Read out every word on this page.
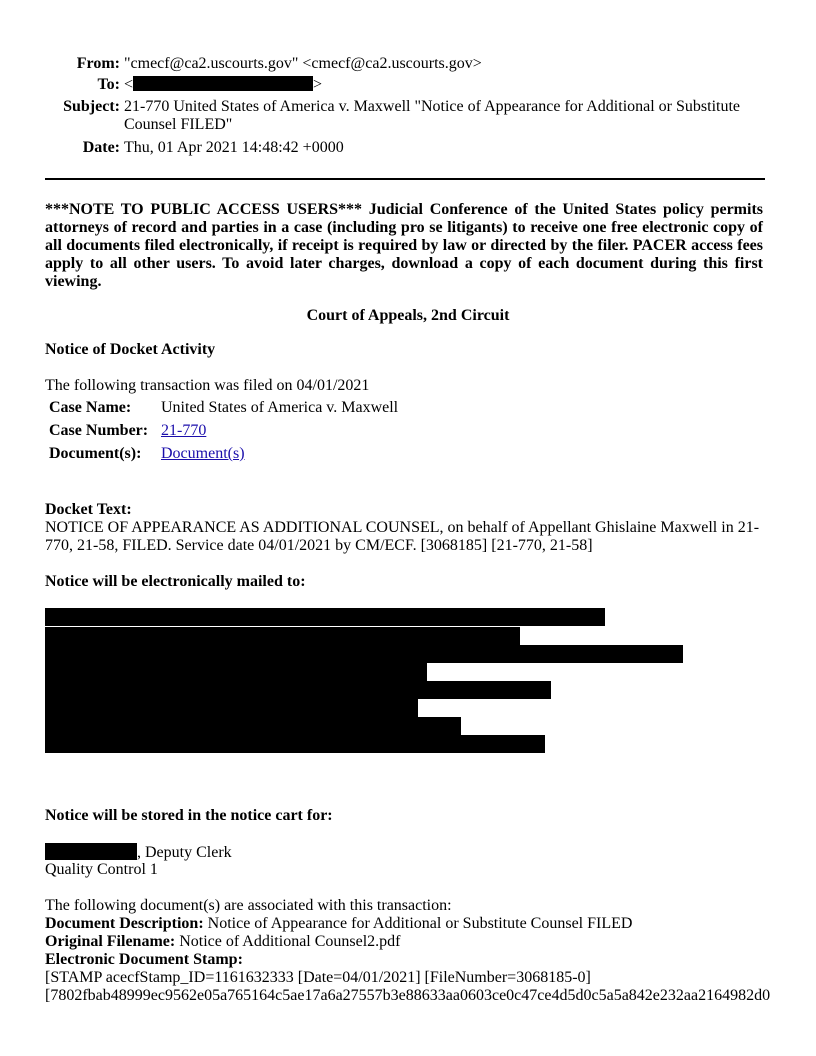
From: "cmecf@ca2.uscourts.gov" <cmecf@ca2.uscourts.gov>
To: <	>
Subject: 21-770 United States of America v. Maxwell "Notice of Appearance for Additional or Substitute Counsel FILED"
Date: Thu, 01 Apr 2021 14:48:42 +0000
***NOTE TO PUBLIC ACCESS USERS*** Judicial Conference of the United States policy permits attorneys of record and parties in a case (including pro se litigants) to receive one free electronic copy of all documents filed electronically, if receipt is required by law or directed by the filer. PACER access fees apply to all other users. To avoid later charges, download a copy of each document during this first viewing.
Court of Appeals, 2nd Circuit
Notice of Docket Activity
The following transaction was filed on 04/01/2021
Case Name: United States of America v. Maxwell
Case Number: 21-770
Document(s): Document(s)
Docket Text:
NOTICE OF APPEARANCE AS ADDITIONAL COUNSEL, on behalf of Appellant Ghislaine Maxwell in 21-770, 21-58, FILED. Service date 04/01/2021 by CM/ECF. [3068185] [21-770, 21-58]
Notice will be electronically mailed to:
Notice will be stored in the notice cart for:
, Deputy Clerk
Quality Control 1
The following document(s) are associated with this transaction:
Document Description: Notice of Appearance for Additional or Substitute Counsel FILED
Original Filename: Notice of Additional Counsel2.pdf
Electronic Document Stamp:
[STAMP acecfStamp_ID=1161632333 [Date=04/01/2021] [FileNumber=3068185-0]
[7802fbab48999ec9562e05a765164c5ae17a6a27557b3e88633aa0603ce0c47ce4d5d0c5a5a842e232aa2164982d0
